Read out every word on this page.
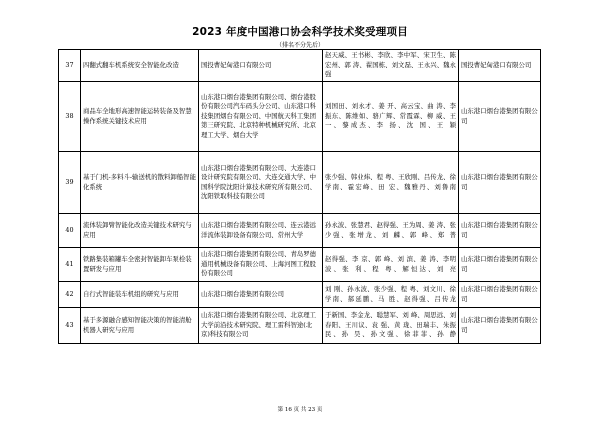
2023 年度中国港口协会科学技术奖受理项目
（排名不分先后）
37	四翻式翻车机系统安全智能化改造	国投曹妃甸港口有限公司	赵天威、王书彬、李欣、李中军、宋卫生、陈宏州、郭 涛、翟国栋、刘文磊、王永兴、魏永强	国投曹妃甸港口有限公司
38	商品车全地形高速智能运转装备及智慧操作系统关键技术应用	山东港口烟台港集团有限公司、烟台港股份有限公司汽车码头分公司、山东港口科技集团烟台有限公司、中国航天科工集团第三研究院、北京特种机械研究所、北京理工大学、烟台大学	刘国田、刘永才、姜 开、高云宝、曲 涛、李振东、陈维如、骆广辉、常霞霖、柳 威、王 一、黎成杰、李 扬、沈 国、王 颖	山东港口烟台港集团有限公司
39	基于门机-多料斗-输送机的散料卸船智能化系统	山东港口烟台港集团有限公司、大连港口设计研究院有限公司、大连交通大学、中国科学院沈阳计算技术研究所有限公司、沈阳铁取科技有限公司	张少强、韩业炜、程 粤、王欣刚、吕传龙、徐学南、霍宏峰、田 宏、魏雅丹、刘鲁南	山东港口烟台港集团有限公司
40	流体装卸臂智能化改造关键技术研究与应用	山东港口烟台港集团有限公司、连云港远洋流体装卸设备有限公司、常州大学	孙永波、张慧君、赵得强、王为周、姜 涛、张少强、张增龙、刘 麟、郭 峰、郑 普	山东港口烟台港集团有限公司
41	铁路集装箱罐车全密封智能卸车泵栓装置研发与应用	山东港口烟台港集团有限公司、青岛罗德通用机械设备有限公司、上海河图工程股份有限公司	赵得强、李 京、郭 峰、刘 滨、姜 涛、李明波、张 利、程 粤、解恒达、刘 亮	山东港口烟台港集团有限公司
42	自行式智能装车机组的研究与应用	山东港口烟台港集团有限公司	刘 刚、孙永波、张少强、程 粤、刘文川、徐学南、郝延鹏、马 胜、赵得强、吕传龙	山东港口烟台港集团有限公司
43	基于多源融合感知智能决策的智能清舱机器人研究与应用	山东港口烟台港集团有限公司、北京理工大学前沿技术研究院、理工雷科智途(北京)科技有限公司	于新国、李金龙、聪慧军、刘 峰、周思远、刘春阳、王川议、袁 强、黄 珑、田瑞丰、朱振民、孙 昊、孙文强、徐菲菲、孙 静	山东港口烟台港集团有限公司
第 16 页 共 23 页
